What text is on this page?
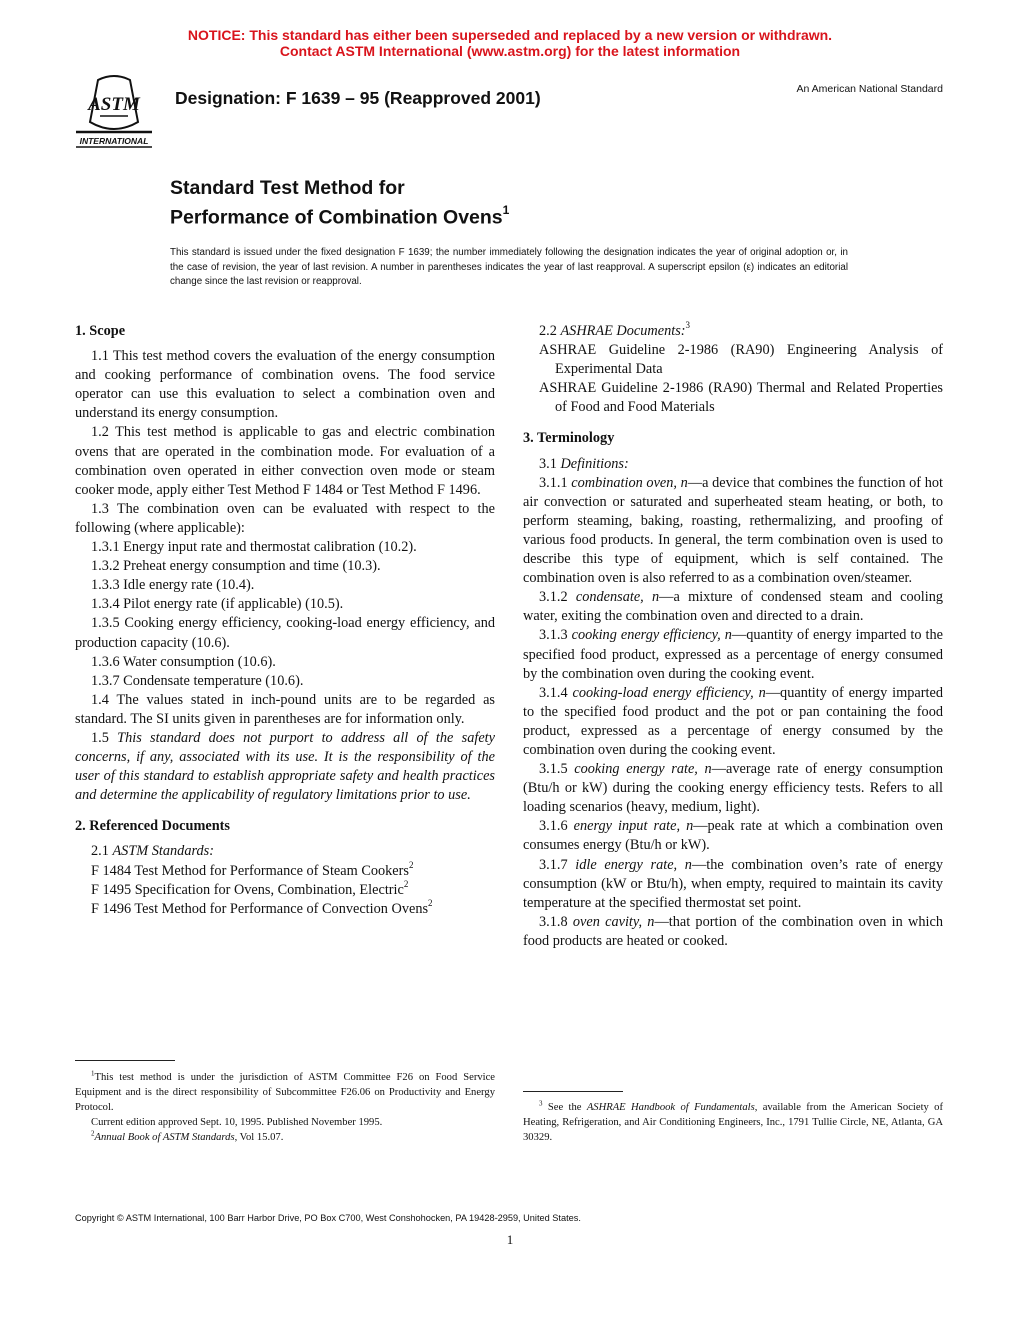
NOTICE: This standard has either been superseded and replaced by a new version or withdrawn.
Contact ASTM International (www.astm.org) for the latest information
ASTM
INTERNATIONAL
Designation: F 1639 – 95 (Reapproved 2001)	An American National Standard
Standard Test Method for
Performance of Combination Ovens$^1$
This standard is issued under the fixed designation F 1639; the number immediately following the designation indicates the year of original adoption or, in the case of revision, the year of last revision. A number in parentheses indicates the year of last reapproval. A superscript epsilon (ε) indicates an editorial change since the last revision or reapproval.
1. Scope

1.1 This test method covers the evaluation of the energy consumption and cooking performance of combination ovens. The food service operator can use this evaluation to select a combination oven and understand its energy consumption.

1.2 This test method is applicable to gas and electric combination ovens that are operated in the combination mode. For evaluation of a combination oven operated in either convection oven mode or steam cooker mode, apply either Test Method F 1484 or Test Method F 1496.

1.3 The combination oven can be evaluated with respect to the following (where applicable):

1.3.1 Energy input rate and thermostat calibration (10.2).

1.3.2 Preheat energy consumption and time (10.3).

1.3.3 Idle energy rate (10.4).

1.3.4 Pilot energy rate (if applicable) (10.5).

1.3.5 Cooking energy efficiency, cooking-load energy efficiency, and production capacity (10.6).

1.3.6 Water consumption (10.6).

1.3.7 Condensate temperature (10.6).

1.4 The values stated in inch-pound units are to be regarded as standard. The SI units given in parentheses are for information only.

1.5 This standard does not purport to address all of the safety concerns, if any, associated with its use. It is the responsibility of the user of this standard to establish appropriate safety and health practices and determine the applicability of regulatory limitations prior to use.

2. Referenced Documents

2.1 ASTM Standards:

F 1484 Test Method for Performance of Steam Cookers$^2$

F 1495 Specification for Ovens, Combination, Electric$^2$

F 1496 Test Method for Performance of Convection Ovens$^2$

2.2 ASHRAE Documents:$^3$

ASHRAE Guideline 2-1986 (RA90) Engineering Analysis of Experimental Data

ASHRAE Guideline 2-1986 (RA90) Thermal and Related Properties of Food and Food Materials

3. Terminology

3.1 Definitions:

3.1.1 combination oven, n—a device that combines the function of hot air convection or saturated and superheated steam heating, or both, to perform steaming, baking, roasting, rethermalizing, and proofing of various food products. In general, the term combination oven is used to describe this type of equipment, which is self contained. The combination oven is also referred to as a combination oven/steamer.

3.1.2 condensate, n—a mixture of condensed steam and cooling water, exiting the combination oven and directed to a drain.

3.1.3 cooking energy efficiency, n—quantity of energy imparted to the specified food product, expressed as a percentage of energy consumed by the combination oven during the cooking event.

3.1.4 cooking-load energy efficiency, n—quantity of energy imparted to the specified food product and the pot or pan containing the food product, expressed as a percentage of energy consumed by the combination oven during the cooking event.

3.1.5 cooking energy rate, n—average rate of energy consumption (Btu/h or kW) during the cooking energy efficiency tests. Refers to all loading scenarios (heavy, medium, light).

3.1.6 energy input rate, n—peak rate at which a combination oven consumes energy (Btu/h or kW).

3.1.7 idle energy rate, n—the combination oven’s rate of energy consumption (kW or Btu/h), when empty, required to maintain its cavity temperature at the specified thermostat set point.

3.1.8 oven cavity, n—that portion of the combination oven in which food products are heated or cooked.

$^1$This test method is under the jurisdiction of ASTM Committee F26 on Food Service Equipment and is the direct responsibility of Subcommittee F26.06 on Productivity and Energy Protocol.

Current edition approved Sept. 10, 1995. Published November 1995.

$^2$Annual Book of ASTM Standards, Vol 15.07.

$^3$ See the ASHRAE Handbook of Fundamentals, available from the American Society of Heating, Refrigeration, and Air Conditioning Engineers, Inc., 1791 Tullie Circle, NE, Atlanta, GA 30329.

Copyright © ASTM International, 100 Barr Harbor Drive, PO Box C700, West Conshohocken, PA 19428-2959, United States.
1
